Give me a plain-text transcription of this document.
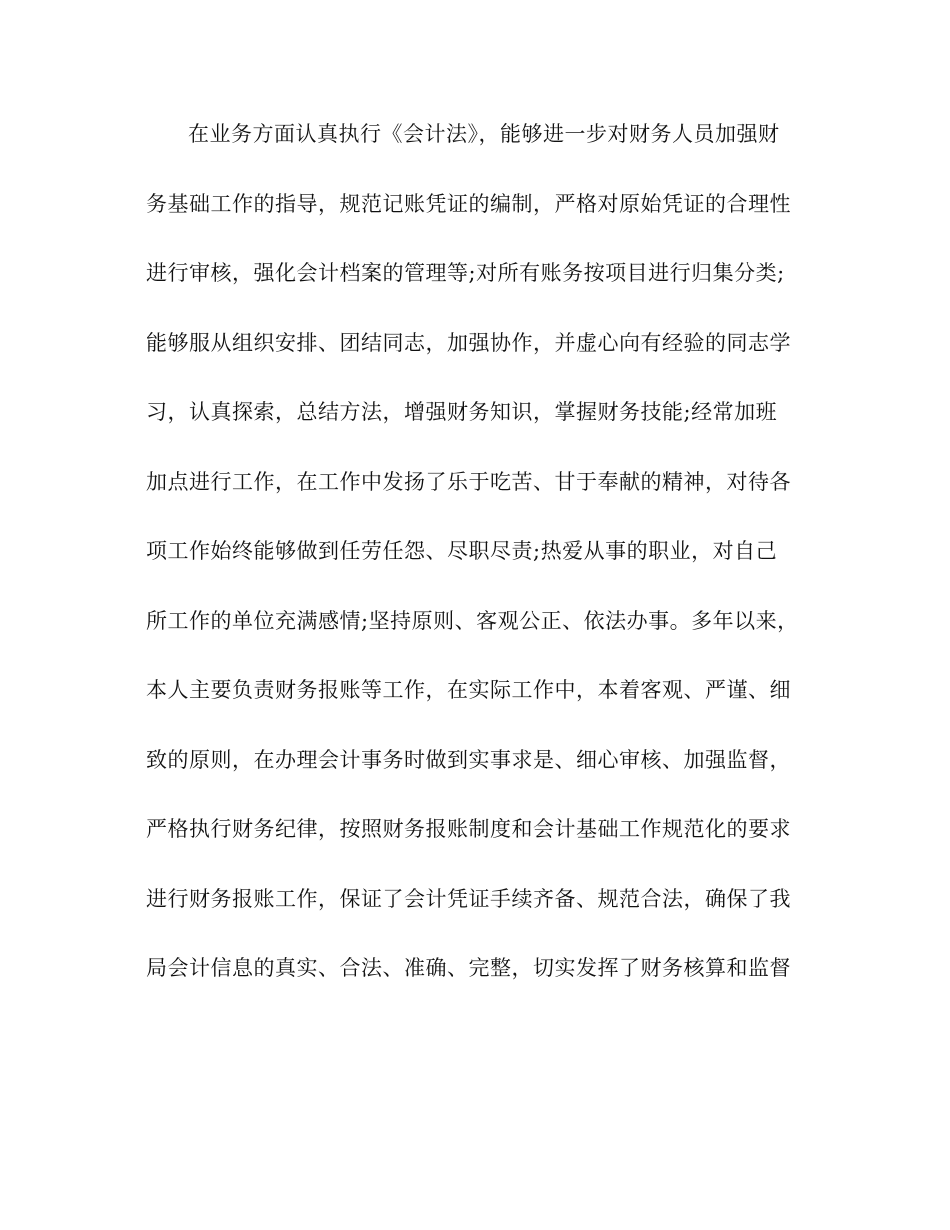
在业务方面认真执行《会计法》，能够进一步对财务人员加强财
务基础工作的指导，规范记账凭证的编制，严格对原始凭证的合理性
进行审核，强化会计档案的管理等;对所有账务按项目进行归集分类;
能够服从组织安排、团结同志，加强协作，并虚心向有经验的同志学
习，认真探索，总结方法，增强财务知识，掌握财务技能;经常加班
加点进行工作，在工作中发扬了乐于吃苦、甘于奉献的精神，对待各
项工作始终能够做到任劳任怨、尽职尽责;热爱从事的职业，对自己
所工作的单位充满感情;坚持原则、客观公正、依法办事。多年以来，
本人主要负责财务报账等工作，在实际工作中，本着客观、严谨、细
致的原则，在办理会计事务时做到实事求是、细心审核、加强监督，
严格执行财务纪律，按照财务报账制度和会计基础工作规范化的要求
进行财务报账工作，保证了会计凭证手续齐备、规范合法，确保了我
局会计信息的真实、合法、准确、完整，切实发挥了财务核算和监督
